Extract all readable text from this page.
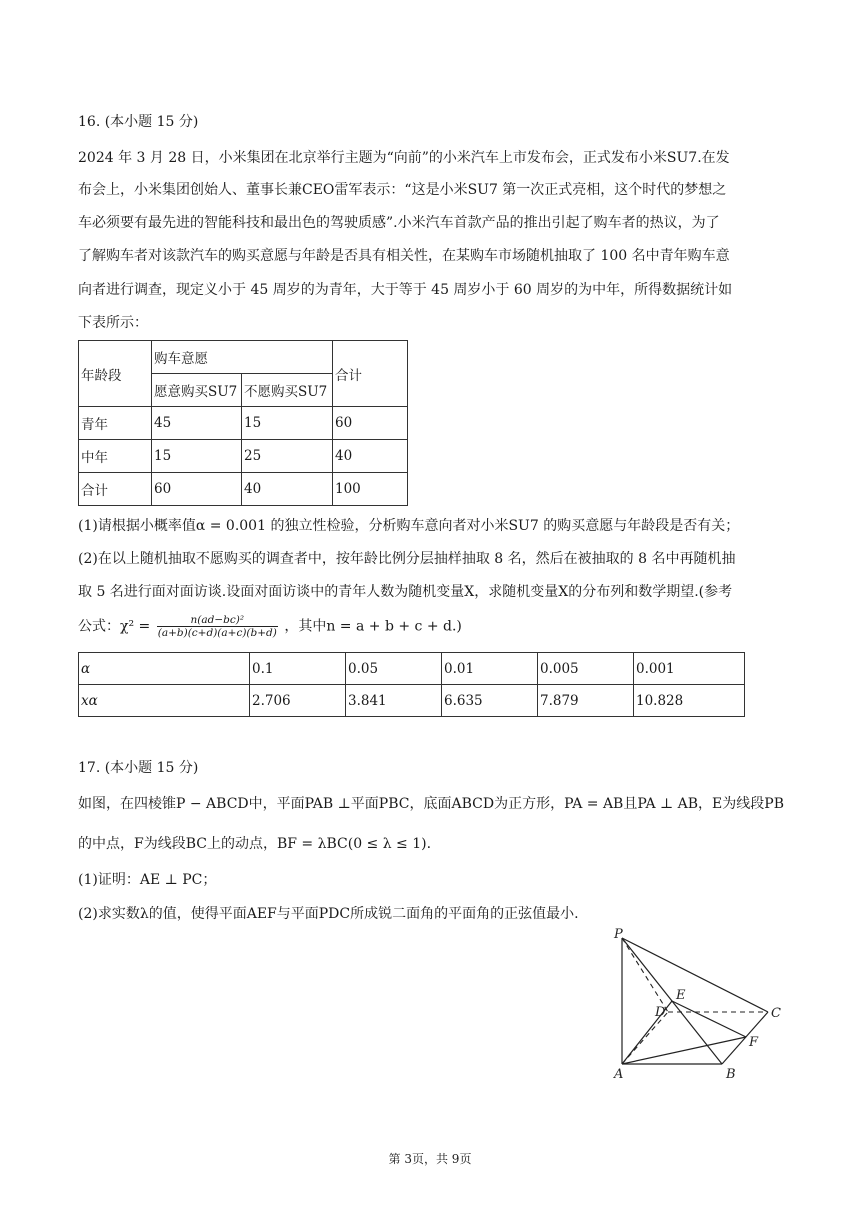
16. (本小题 15 分)
2024 年 3 月 28 日，小米集团在北京举行主题为“向前”的小米汽车上市发布会，正式发布小米SU7.在发
布会上，小米集团创始人、董事长兼CEO雷军表示：“这是小米SU7 第一次正式亮相，这个时代的梦想之
车必须要有最先进的智能科技和最出色的驾驶质感”.小米汽车首款产品的推出引起了购车者的热议，为了
了解购车者对该款汽车的购买意愿与年龄是否具有相关性，在某购车市场随机抽取了 100 名中青年购车意
向者进行调查，现定义小于 45 周岁的为青年，大于等于 45 周岁小于 60 周岁的为中年，所得数据统计如
下表所示：
年龄段	购车意愿		合计
	愿意购买SU7	不愿购买SU7	
青年	45	15	60
中年	15	25	40
合计	60	40	100
(1)请根据小概率值α = 0.001 的独立性检验，分析购车意向者对小米SU7 的购买意愿与年龄段是否有关；
(2)在以上随机抽取不愿购买的调查者中，按年龄比例分层抽样抽取 8 名，然后在被抽取的 8 名中再随机抽
取 5 名进行面对面访谈.设面对面访谈中的青年人数为随机变量X，求随机变量X的分布列和数学期望.(参考
公式：$\chi^2 = \frac{\text{n(ad−bc)²}}{(a+b)(c+d)(a+c)(b+d)}$ ，其中n = a + b + c + d.)
α	0.1	0.05	0.01	0.005	0.001
xα	2.706	3.841	6.635	7.879	10.828
17. (本小题 15 分)
如图，在四棱锥P − ABCD中，平面PAB ⊥平面PBC，底面ABCD为正方形，PA = AB且PA ⊥ AB，E为线段PB
的中点，F为线段BC上的动点，BF = λBC(0 ≤ λ ≤ 1).
(1)证明：AE ⊥ PC；
(2)求实数λ的值，使得平面AEF与平面PDC所成锐二面角的平面角的正弦值最小.
P
E
D	C
F
A	B
第 3页，共 9页
